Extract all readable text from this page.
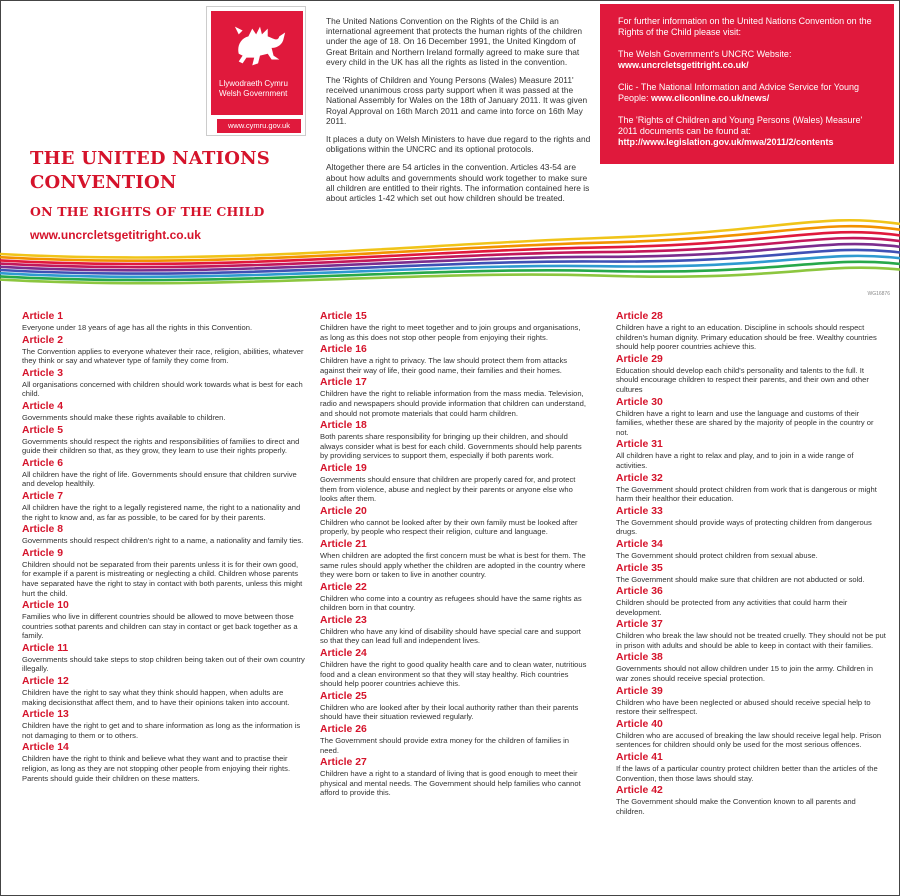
Llywodraeth Cymru
Welsh Government
www.cymru.gov.uk
THE UNITED NATIONS
CONVENTION
ON THE RIGHTS OF THE CHILD
www.uncrcletsgetitright.co.uk

The United Nations Convention on the Rights of the Child is an international agreement that protects the human rights of the children under the age of 18. On 16 December 1991, the United Kingdom of Great Britain and Northern Ireland formally agreed to make sure that every child in the UK has all the rights as listed in the convention.

The 'Rights of Children and Young Persons (Wales) Measure 2011' received unanimous cross party support when it was passed at the National Assembly for Wales on the 18th of January 2011. It was given Royal Approval on 16th March 2011 and came into force on 16th May 2011.

It places a duty on Welsh Ministers to have due regard to the rights and obligations within the UNCRC and its optional protocols.

Altogether there are 54 articles in the convention. Articles 43-54 are about how adults and governments should work together to make sure all children are entitled to their rights. The information contained here is about articles 1-42 which set out how children should be treated.

For further information on the United Nations Convention on the Rights of the Child please visit:

The Welsh Government's UNCRC Website:
www.uncrcletsgetitright.co.uk/

Clic - The National Information and Advice Service for Young People: www.cliconline.co.uk/news/

The 'Rights of Children and Young Persons (Wales) Measure' 2011 documents can be found at:
http://www.legislation.gov.uk/mwa/2011/2/contents

WG16876
Article 1

Everyone under 18 years of age has all the rights in this Convention.

Article 2

The Convention applies to everyone whatever their race, religion, abilities, whatever they think or say and whatever type of family they come from.

Article 3

All organisations concerned with children should work towards what is best for each child.

Article 4

Governments should make these rights available to children.

Article 5

Governments should respect the rights and responsibilities of families to direct and guide their children so that, as they grow, they learn to use their rights properly.

Article 6

All children have the right of life. Governments should ensure that children survive and develop healthily.

Article 7

All children have the right to a legally registered name, the right to a nationality and the right to know and, as far as possible, to be cared for by their parents.

Article 8

Governments should respect children's right to a name, a nationality and family ties.

Article 9

Children should not be separated from their parents unless it is for their own good, for example if a parent is mistreating or neglecting a child. Children whose parents have separated have the right to stay in contact with both parents, unless this might hurt the child.

Article 10

Families who live in different countries should be allowed to move between those countries sothat parents and children can stay in contact or get back together as a family.

Article 11

Governments should take steps to stop children being taken out of their own country illegally.

Article 12

Children have the right to say what they think should happen, when adults are making decisionsthat affect them, and to have their opinions taken into account.

Article 13

Children have the right to get and to share information as long as the information is not damaging to them or to others.

Article 14

Children have the right to think and believe what they want and to practise their religion, as long as they are not stopping other people from enjoying their rights. Parents should guide their children on these matters.

Article 15

Children have the right to meet together and to join groups and organisations, as long as this does not stop other people from enjoying their rights.

Article 16

Children have a right to privacy. The law should protect them from attacks against their way of life, their good name, their families and their homes.

Article 17

Children have the right to reliable information from the mass media. Television, radio and newspapers should provide information that children can understand, and should not promote materials that could harm children.

Article 18

Both parents share responsibility for bringing up their children, and should always consider what is best for each child. Governments should help parents by providing services to support them, especially if both parents work.

Article 19

Governments should ensure that children are properly cared for, and protect them from violence, abuse and neglect by their parents or anyone else who looks after them.

Article 20

Children who cannot be looked after by their own family must be looked after properly, by people who respect their religion, culture and language.

Article 21

When children are adopted the first concern must be what is best for them. The same rules should apply whether the children are adopted in the country where they were born or taken to live in another country.

Article 22

Children who come into a country as refugees should have the same rights as children born in that country.

Article 23

Children who have any kind of disability should have special care and support so that they can lead full and independent lives.

Article 24

Children have the right to good quality health care and to clean water, nutritious food and a clean environment so that they will stay healthy. Rich countries should help poorer countries achieve this.

Article 25

Children who are looked after by their local authority rather than their parents should have their situation reviewed regularly.

Article 26

The Government should provide extra money for the children of families in need.

Article 27

Children have a right to a standard of living that is good enough to meet their physical and mental needs. The Government should help families who cannot afford to provide this.

Article 28

Children have a right to an education. Discipline in schools should respect children's human dignity. Primary education should be free. Wealthy countries should help poorer countries achieve this.

Article 29

Education should develop each child's personality and talents to the full. It should encourage children to respect their parents, and their own and other cultures

Article 30

Children have a right to learn and use the language and customs of their families, whether these are shared by the majority of people in the country or not.

Article 31

All children have a right to relax and play, and to join in a wide range of activities.

Article 32

The Government should protect children from work that is dangerous or might harm their healthor their education.

Article 33

The Government should provide ways of protecting children from dangerous drugs.

Article 34

The Government should protect children from sexual abuse.

Article 35

The Government should make sure that children are not abducted or sold.

Article 36

Children should be protected from any activities that could harm their development.

Article 37

Children who break the law should not be treated cruelly. They should not be put in prison with adults and should be able to keep in contact with their families.

Article 38

Governments should not allow children under 15 to join the army. Children in war zones should receive special protection.

Article 39

Children who have been neglected or abused should receive special help to restore their selfrespect.

Article 40

Children who are accused of breaking the law should receive legal help. Prison sentences for children should only be used for the most serious offences.

Article 41

If the laws of a particular country protect children better than the articles of the Convention, then those laws should stay.

Article 42

The Government should make the Convention known to all parents and children.
